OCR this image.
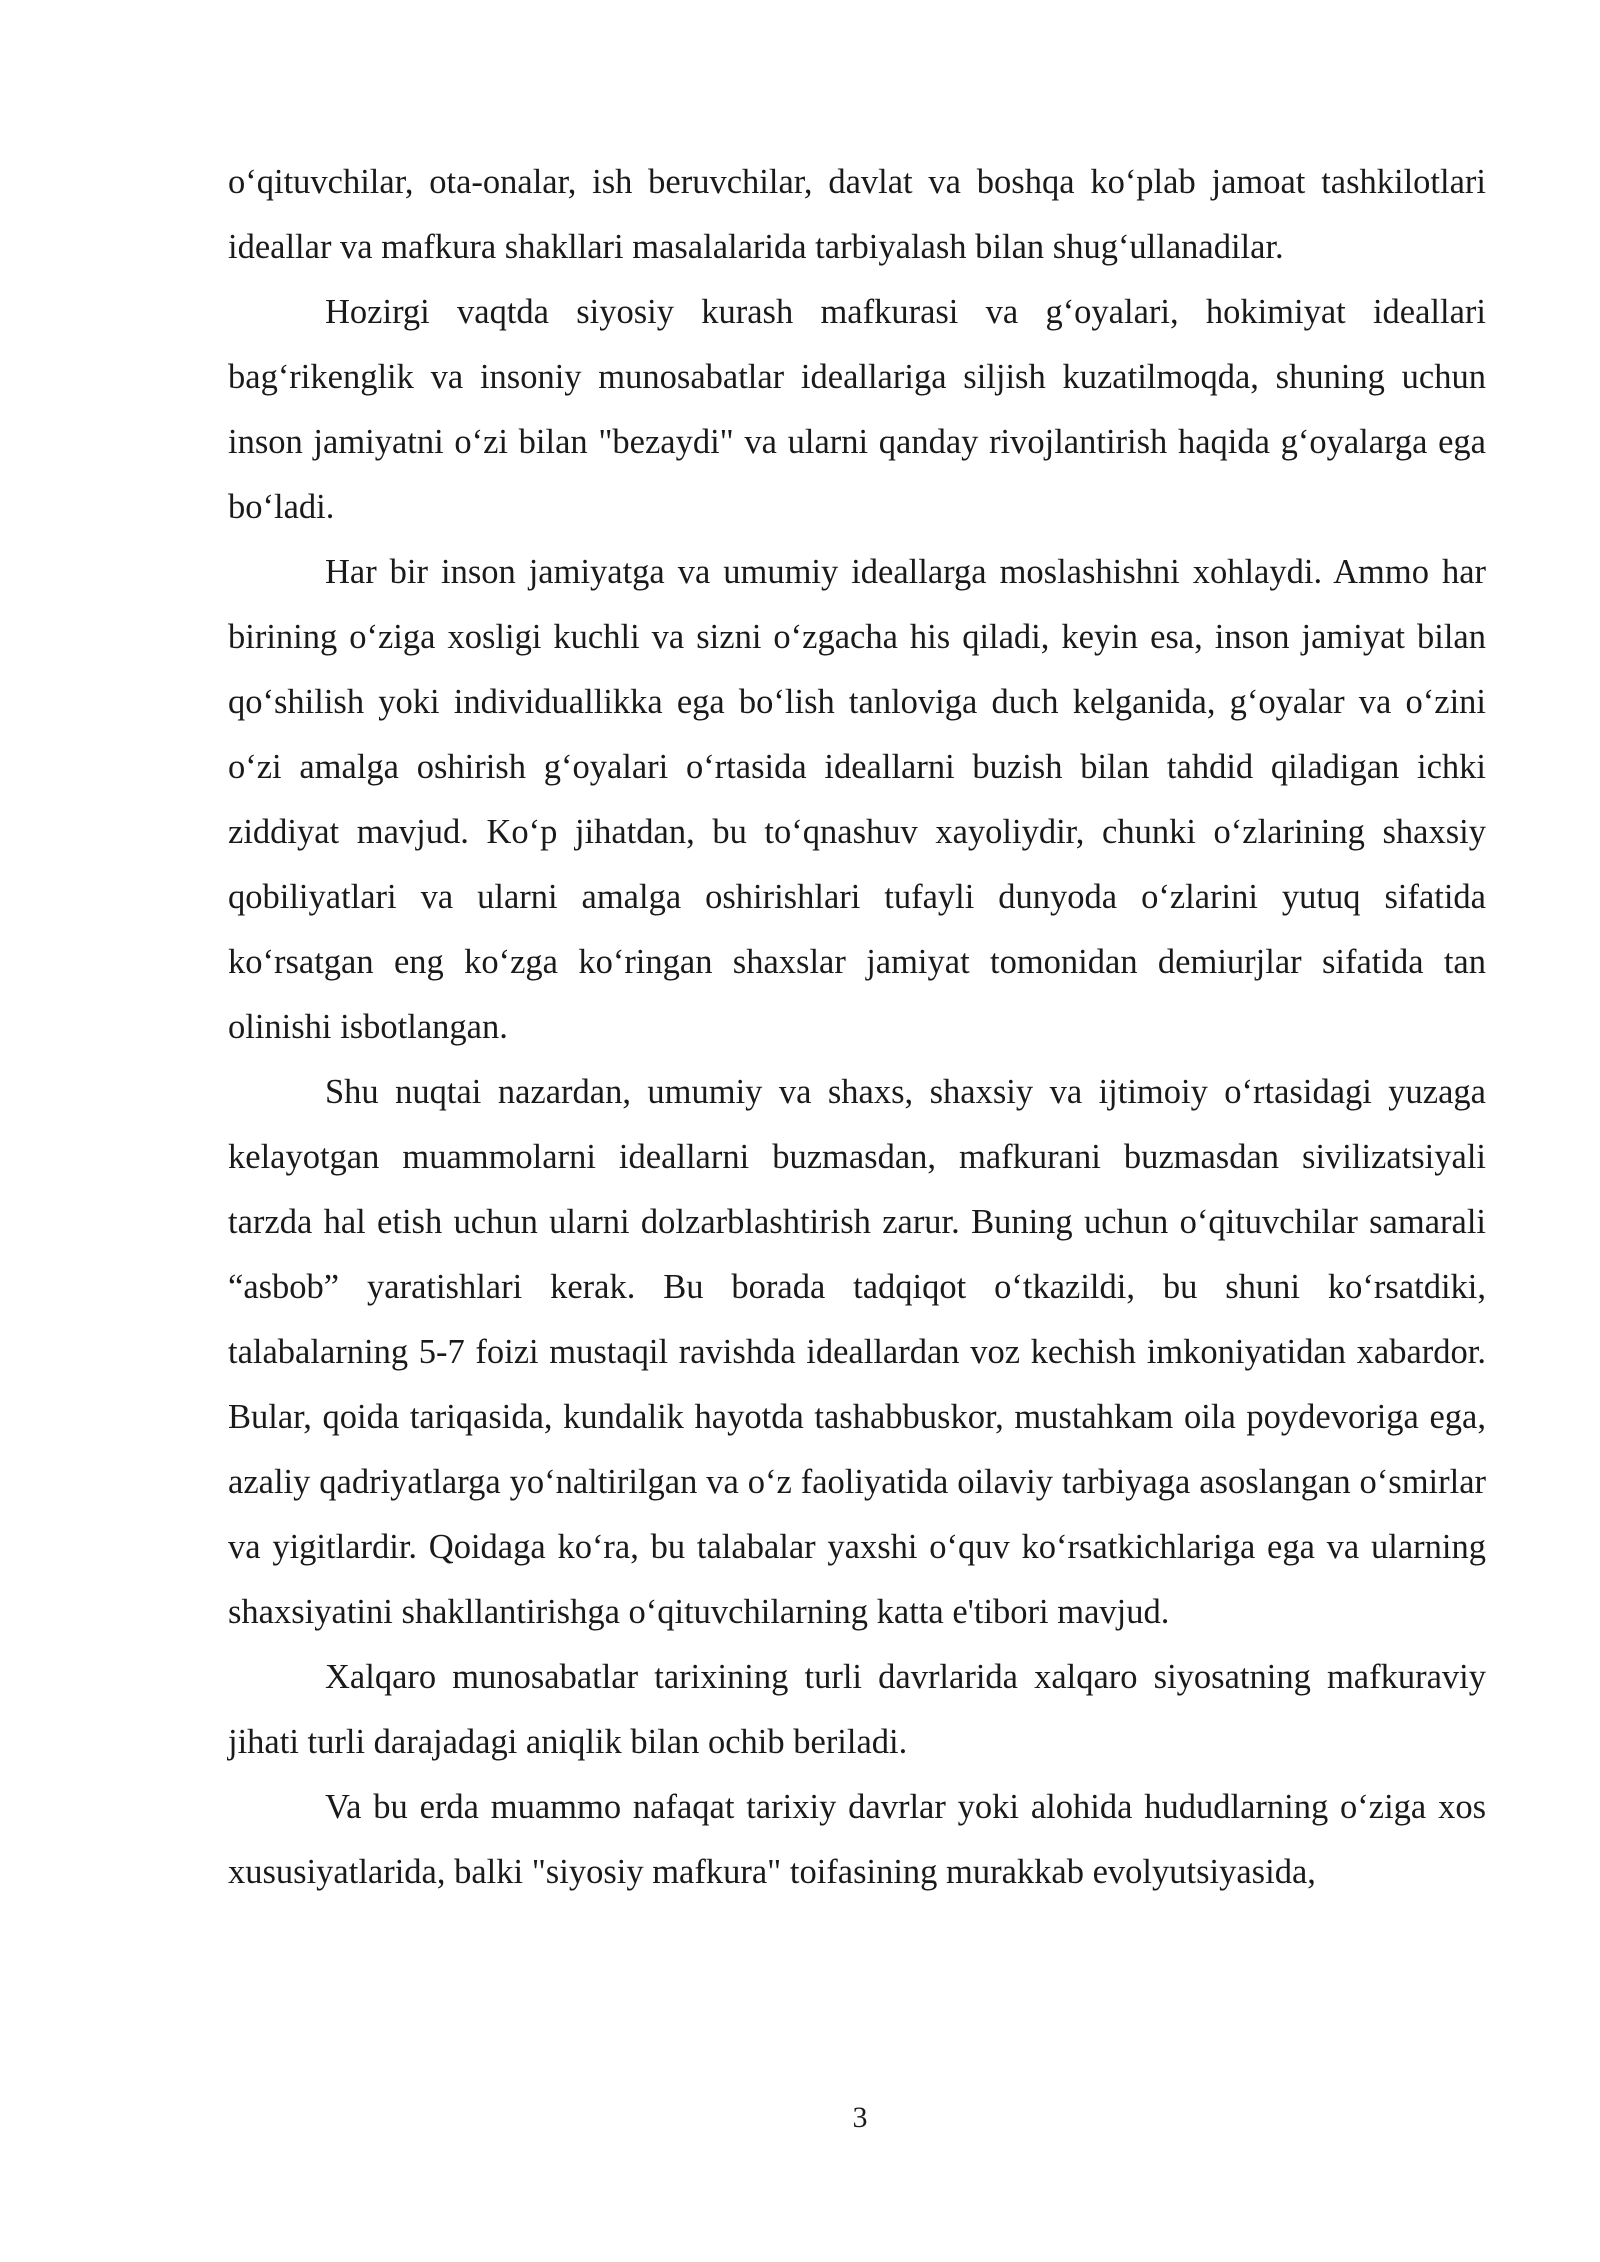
o‘qituvchilar, ota-onalar, ish beruvchilar, davlat va boshqa ko‘plab jamoat tashkilotlari ideallar va mafkura shakllari masalalarida tarbiyalash bilan shug‘ullanadilar.

Hozirgi vaqtda siyosiy kurash mafkurasi va g‘oyalari, hokimiyat ideallari bag‘rikenglik va insoniy munosabatlar ideallariga siljish kuzatilmoqda, shuning uchun inson jamiyatni o‘zi bilan "bezaydi" va ularni qanday rivojlantirish haqida g‘oyalarga ega bo‘ladi.

Har bir inson jamiyatga va umumiy ideallarga moslashishni xohlaydi. Ammo har birining o‘ziga xosligi kuchli va sizni o‘zgacha his qiladi, keyin esa, inson jamiyat bilan qo‘shilish yoki individuallikka ega bo‘lish tanloviga duch kelganida, g‘oyalar va o‘zini o‘zi amalga oshirish g‘oyalari o‘rtasida ideallarni buzish bilan tahdid qiladigan ichki ziddiyat mavjud. Ko‘p jihatdan, bu to‘qnashuv xayoliydir, chunki o‘zlarining shaxsiy qobiliyatlari va ularni amalga oshirishlari tufayli dunyoda o‘zlarini yutuq sifatida ko‘rsatgan eng ko‘zga ko‘ringan shaxslar jamiyat tomonidan demiurjlar sifatida tan olinishi isbotlangan.

Shu nuqtai nazardan, umumiy va shaxs, shaxsiy va ijtimoiy o‘rtasidagi yuzaga kelayotgan muammolarni ideallarni buzmasdan, mafkurani buzmasdan sivilizatsiyali tarzda hal etish uchun ularni dolzarblashtirish zarur. Buning uchun o‘qituvchilar samarali “asbob” yaratishlari kerak. Bu borada tadqiqot o‘tkazildi, bu shuni ko‘rsatdiki, talabalarning 5-7 foizi mustaqil ravishda ideallardan voz kechish imkoniyatidan xabardor. Bular, qoida tariqasida, kundalik hayotda tashabbuskor, mustahkam oila poydevoriga ega, azaliy qadriyatlarga yo‘naltirilgan va o‘z faoliyatida oilaviy tarbiyaga asoslangan o‘smirlar va yigitlardir. Qoidaga ko‘ra, bu talabalar yaxshi o‘quv ko‘rsatkichlariga ega va ularning shaxsiyatini shakllantirishga o‘qituvchilarning katta e'tibori mavjud.

Xalqaro munosabatlar tarixining turli davrlarida xalqaro siyosatning mafkuraviy jihati turli darajadagi aniqlik bilan ochib beriladi.

Va bu erda muammo nafaqat tarixiy davrlar yoki alohida hududlarning o‘ziga xos xususiyatlarida, balki "siyosiy mafkura" toifasining murakkab evolyutsiyasida,

3
